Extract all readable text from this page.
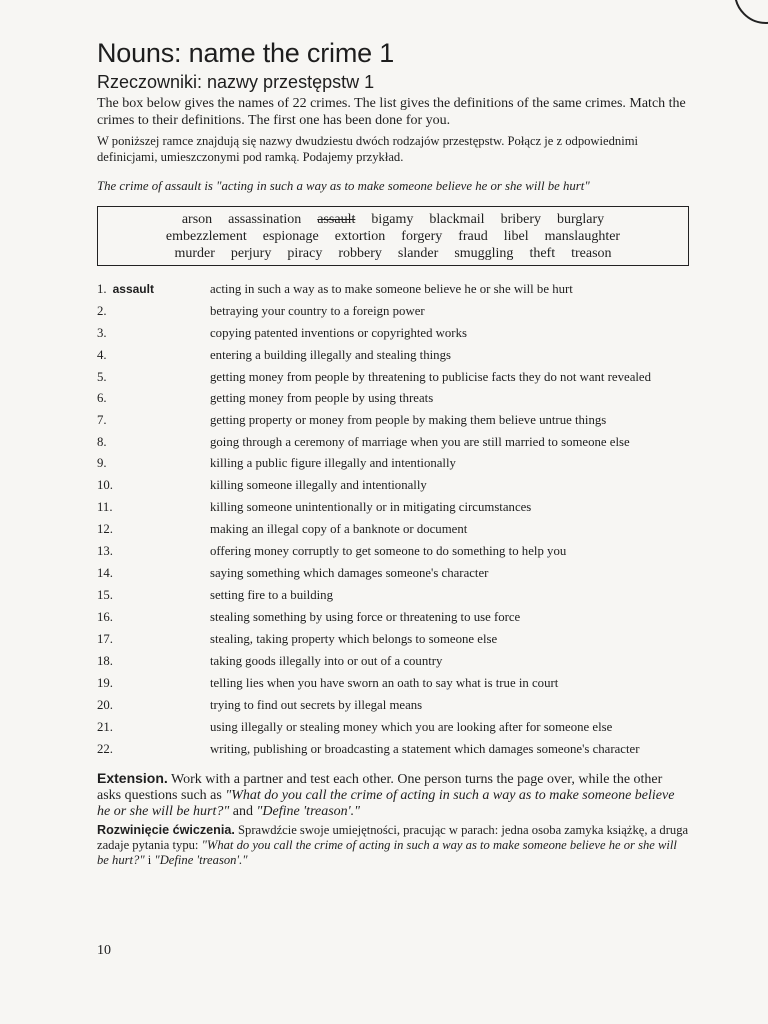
Nouns: name the crime 1
Rzeczowniki: nazwy przestępstw 1

The box below gives the names of 22 crimes. The list gives the definitions of the same crimes. Match the crimes to their definitions. The first one has been done for you.

W poniższej ramce znajdują się nazwy dwudziestu dwóch rodzajów przestępstw. Połącz je z odpowiednimi definicjami, umieszczonymi pod ramką. Podajemy przykład.

The crime of assault is "acting in such a way as to make someone believe he or she will be hurt"

arson assassination assault bigamy blackmail bribery burglary
embezzlement espionage extortion forgery fraud libel manslaughter
murder perjury piracy robbery slander smuggling theft treason
1. assault	acting in such a way as to make someone believe he or she will be hurt
2.	betraying your country to a foreign power
3.	copying patented inventions or copyrighted works
4.	entering a building illegally and stealing things
5.	getting money from people by threatening to publicise facts they do not want revealed
6.	getting money from people by using threats
7.	getting property or money from people by making them believe untrue things
8.	going through a ceremony of marriage when you are still married to someone else
9.	killing a public figure illegally and intentionally
10.	killing someone illegally and intentionally
11.	killing someone unintentionally or in mitigating circumstances
12.	making an illegal copy of a banknote or document
13.	offering money corruptly to get someone to do something to help you
14.	saying something which damages someone's character
15.	setting fire to a building
16.	stealing something by using force or threatening to use force
17.	stealing, taking property which belongs to someone else
18.	taking goods illegally into or out of a country
19.	telling lies when you have sworn an oath to say what is true in court
20.	trying to find out secrets by illegal means
21.	using illegally or stealing money which you are looking after for someone else
22.	writing, publishing or broadcasting a statement which damages someone's character

Extension. Work with a partner and test each other. One person turns the page over, while the other asks questions such as "What do you call the crime of acting in such a way as to make someone believe he or she will be hurt?" and "Define 'treason'."

Rozwinięcie ćwiczenia. Sprawdźcie swoje umiejętności, pracując w parach: jedna osoba zamyka książkę, a druga zadaje pytania typu: "What do you call the crime of acting in such a way as to make someone believe he or she will be hurt?" i "Define 'treason'."

10
